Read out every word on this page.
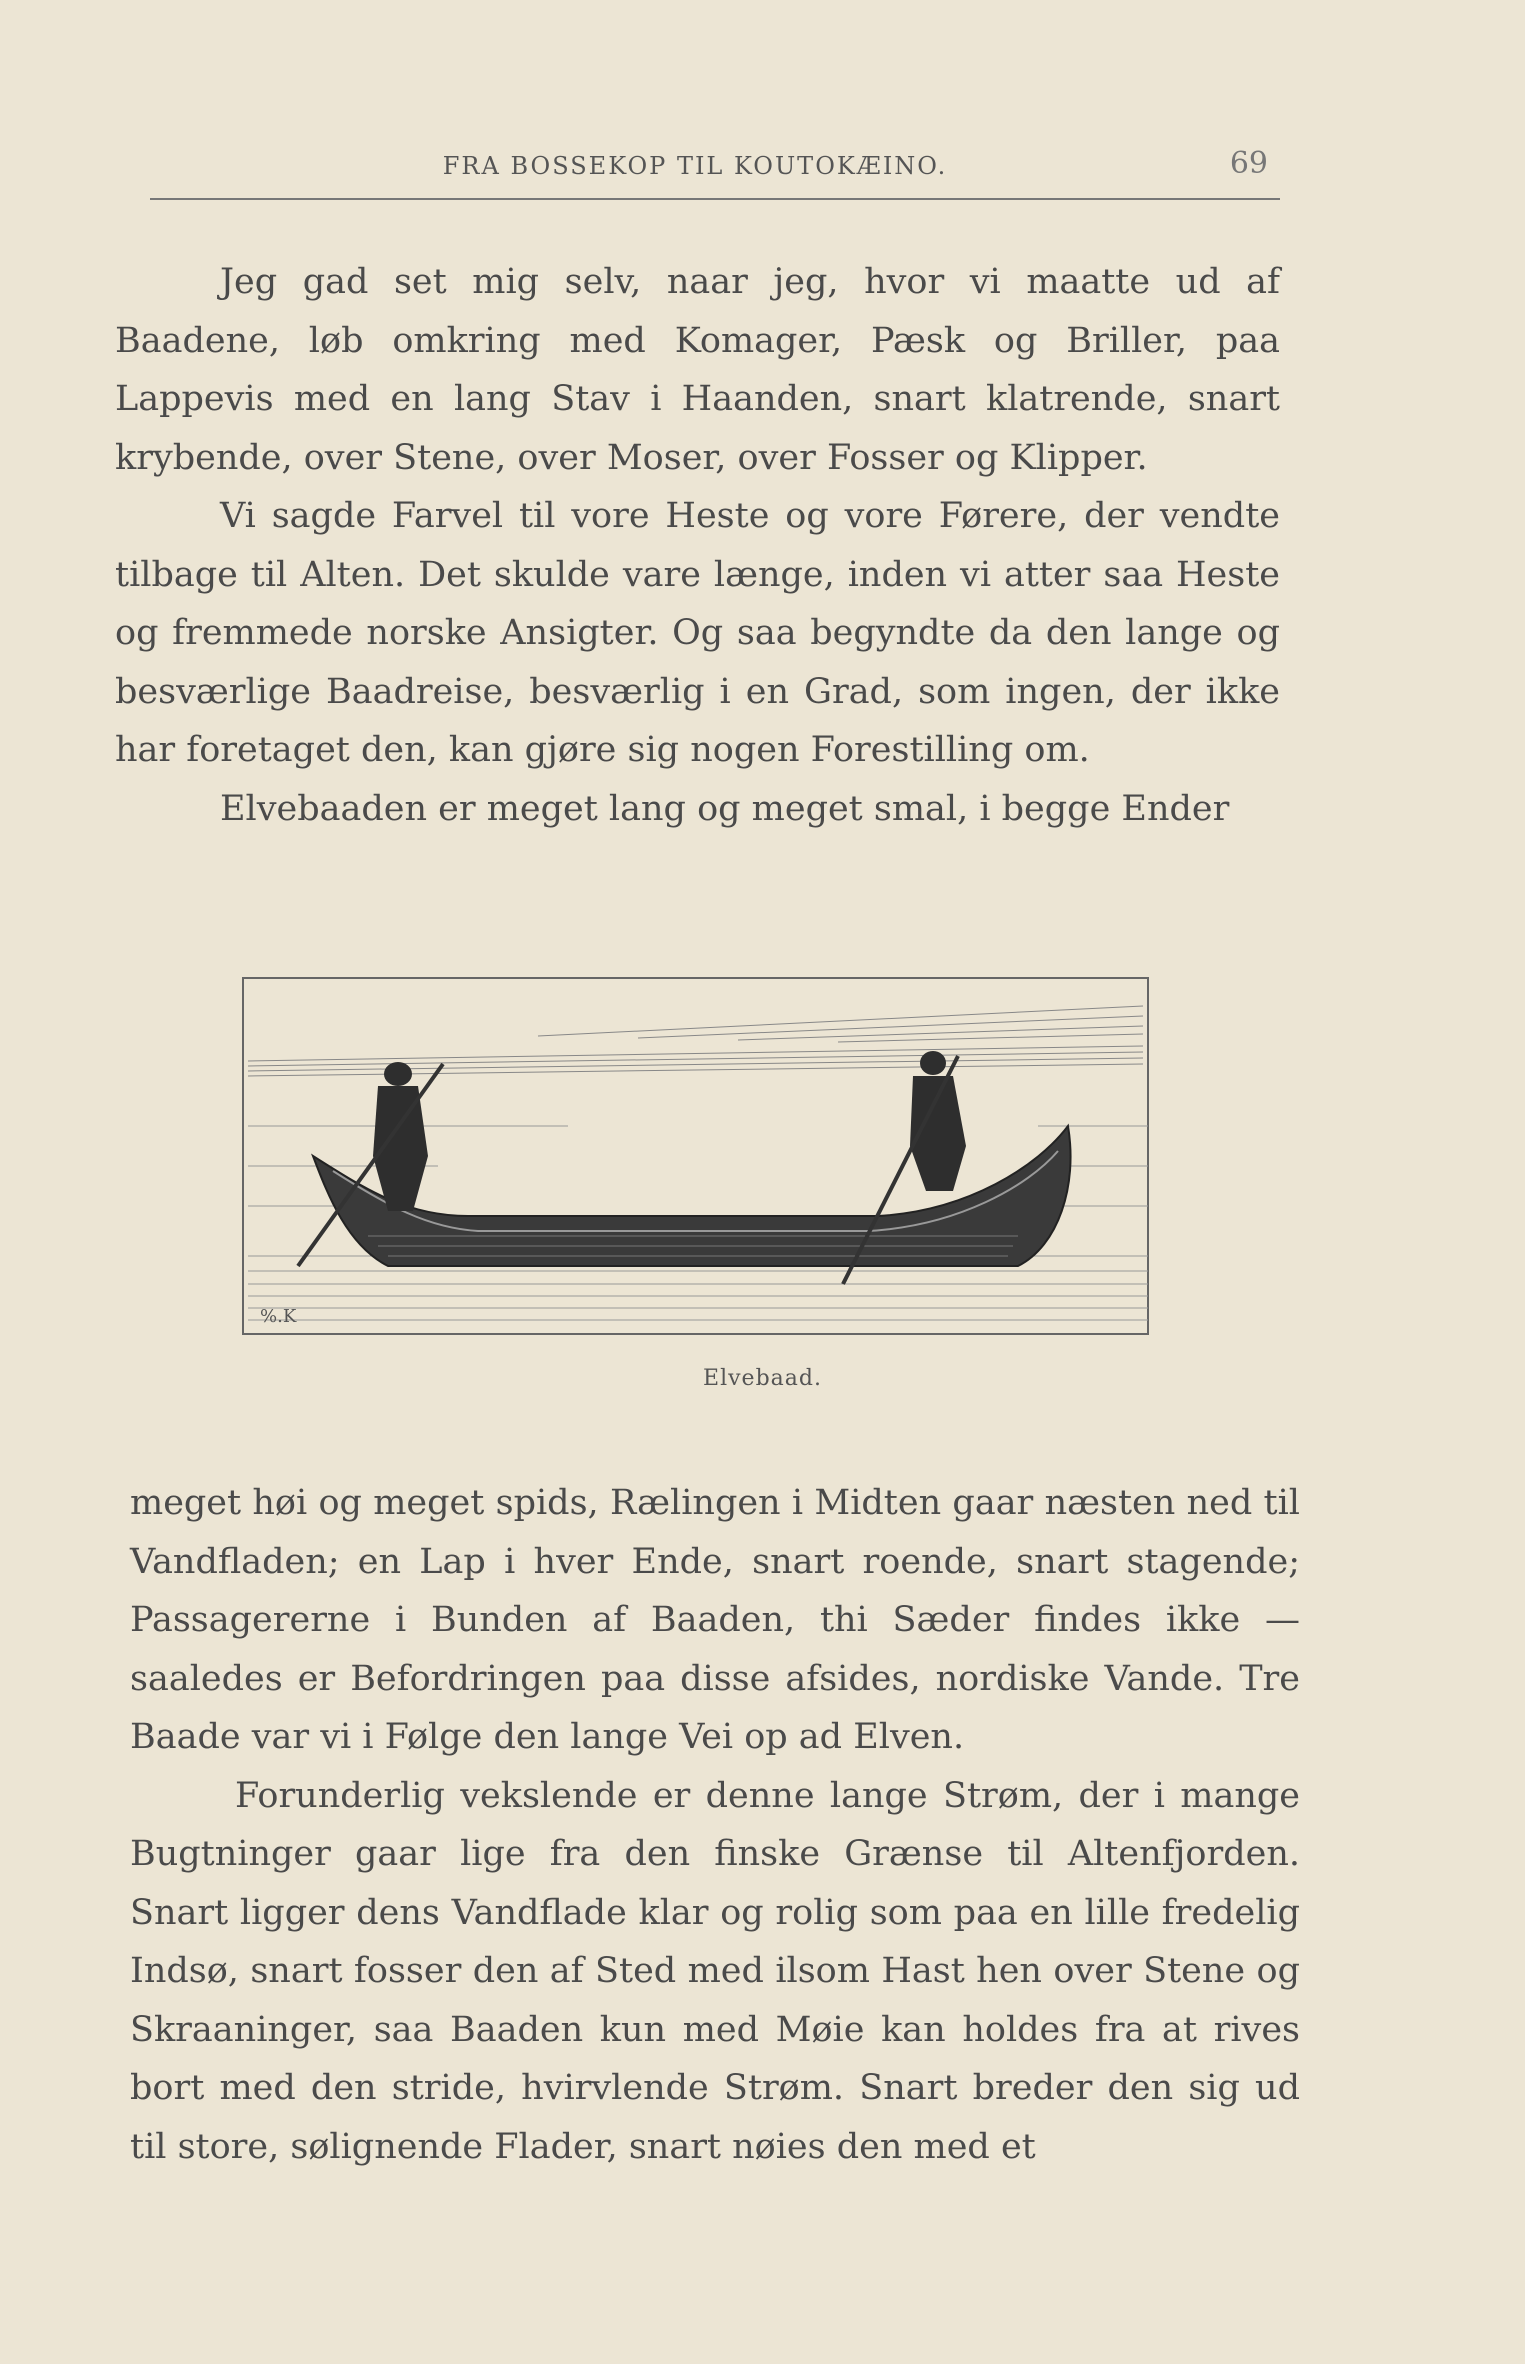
FRA BOSSEKOP TIL KOUTOKÆINO.	69

Jeg gad set mig selv, naar jeg, hvor vi maatte ud af Baadene, løb omkring med Komager, Pæsk og Briller, paa Lappevis med en lang Stav i Haanden, snart klatrende, snart krybende, over Stene, over Moser, over Fosser og Klipper.

Vi sagde Farvel til vore Heste og vore Førere, der vendte tilbage til Alten. Det skulde vare længe, inden vi atter saa Heste og fremmede norske Ansigter. Og saa begyndte da den lange og besværlige Baadreise, besværlig i en Grad, som ingen, der ikke har foretaget den, kan gjøre sig nogen Forestilling om.

Elvebaaden er meget lang og meget smal, i begge Ender

%.K
Elvebaad.

meget høi og meget spids, Rælingen i Midten gaar næsten ned til Vandfladen; en Lap i hver Ende, snart roende, snart stagende; Passagererne i Bunden af Baaden, thi Sæder findes ikke — saaledes er Befordringen paa disse afsides, nordiske Vande. Tre Baade var vi i Følge den lange Vei op ad Elven.

Forunderlig vekslende er denne lange Strøm, der i mange Bugtninger gaar lige fra den finske Grænse til Altenfjorden. Snart ligger dens Vandflade klar og rolig som paa en lille fredelig Indsø, snart fosser den af Sted med ilsom Hast hen over Stene og Skraaninger, saa Baaden kun med Møie kan holdes fra at rives bort med den stride, hvirvlende Strøm. Snart breder den sig ud til store, sølignende Flader, snart nøies den med et
